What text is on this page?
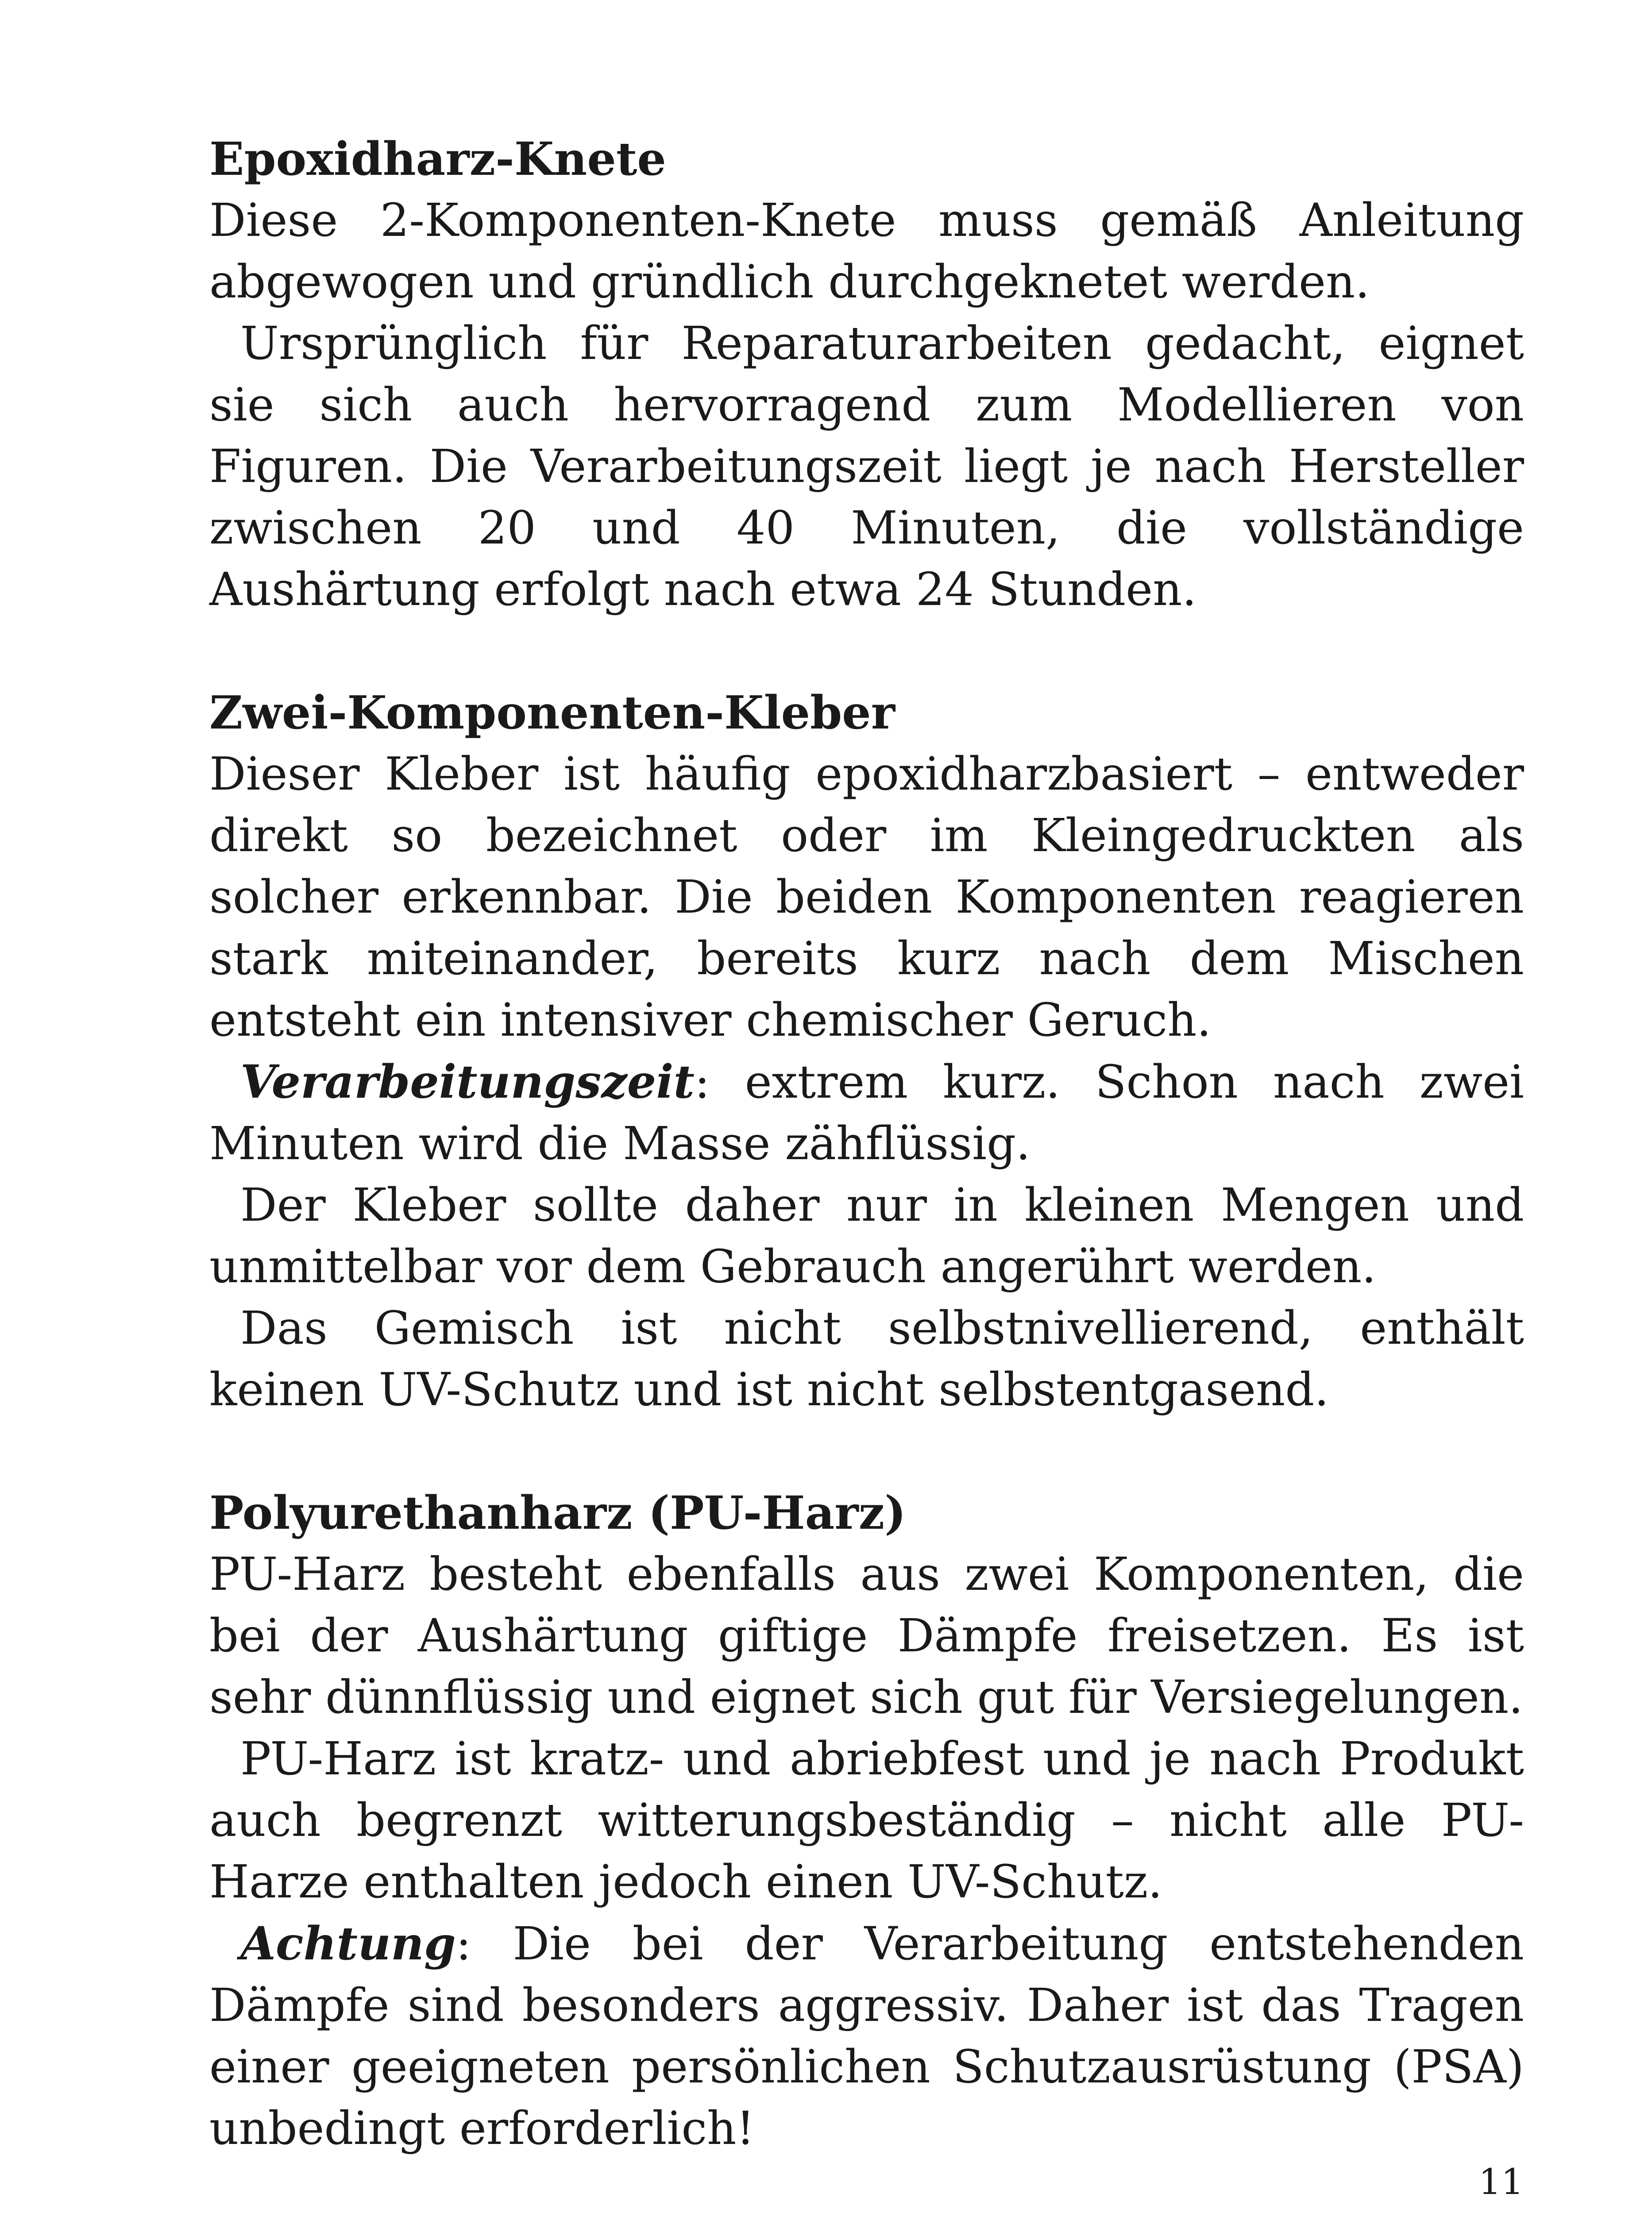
Epoxidharz-Knete

Diese 2-Komponenten-Knete muss gemäß Anleitung abgewogen und gründlich durchgeknetet werden.

Ursprünglich für Reparaturarbeiten gedacht, eignet sie sich auch hervorragend zum Modellieren von Figuren. Die Verarbeitungszeit liegt je nach Hersteller zwischen 20 und 40 Minuten, die vollständige Aushärtung erfolgt nach etwa 24 Stunden.

Zwei-Komponenten-Kleber

Dieser Kleber ist häufig epoxidharzbasiert – entweder direkt so bezeichnet oder im Kleingedruckten als solcher erkennbar. Die beiden Komponenten reagieren stark miteinander, bereits kurz nach dem Mischen entsteht ein intensiver chemischer Geruch.

Verarbeitungszeit: extrem kurz. Schon nach zwei Minuten wird die Masse zähflüssig.

Der Kleber sollte daher nur in kleinen Mengen und unmittelbar vor dem Gebrauch angerührt werden.

Das Gemisch ist nicht selbstnivellierend, enthält keinen UV-Schutz und ist nicht selbstentgasend.

Polyurethanharz (PU-Harz)

PU-Harz besteht ebenfalls aus zwei Komponenten, die bei der Aushärtung giftige Dämpfe freisetzen. Es ist sehr dünnflüssig und eignet sich gut für Versiegelungen.

PU-Harz ist kratz- und abriebfest und je nach Produkt auch begrenzt witterungsbeständig – nicht alle PU-Harze enthalten jedoch einen UV-Schutz.

Achtung: Die bei der Verarbeitung entstehenden Dämpfe sind besonders aggressiv. Daher ist das Tragen einer geeigneten persönlichen Schutzausrüstung (PSA) unbedingt erforderlich!

11
